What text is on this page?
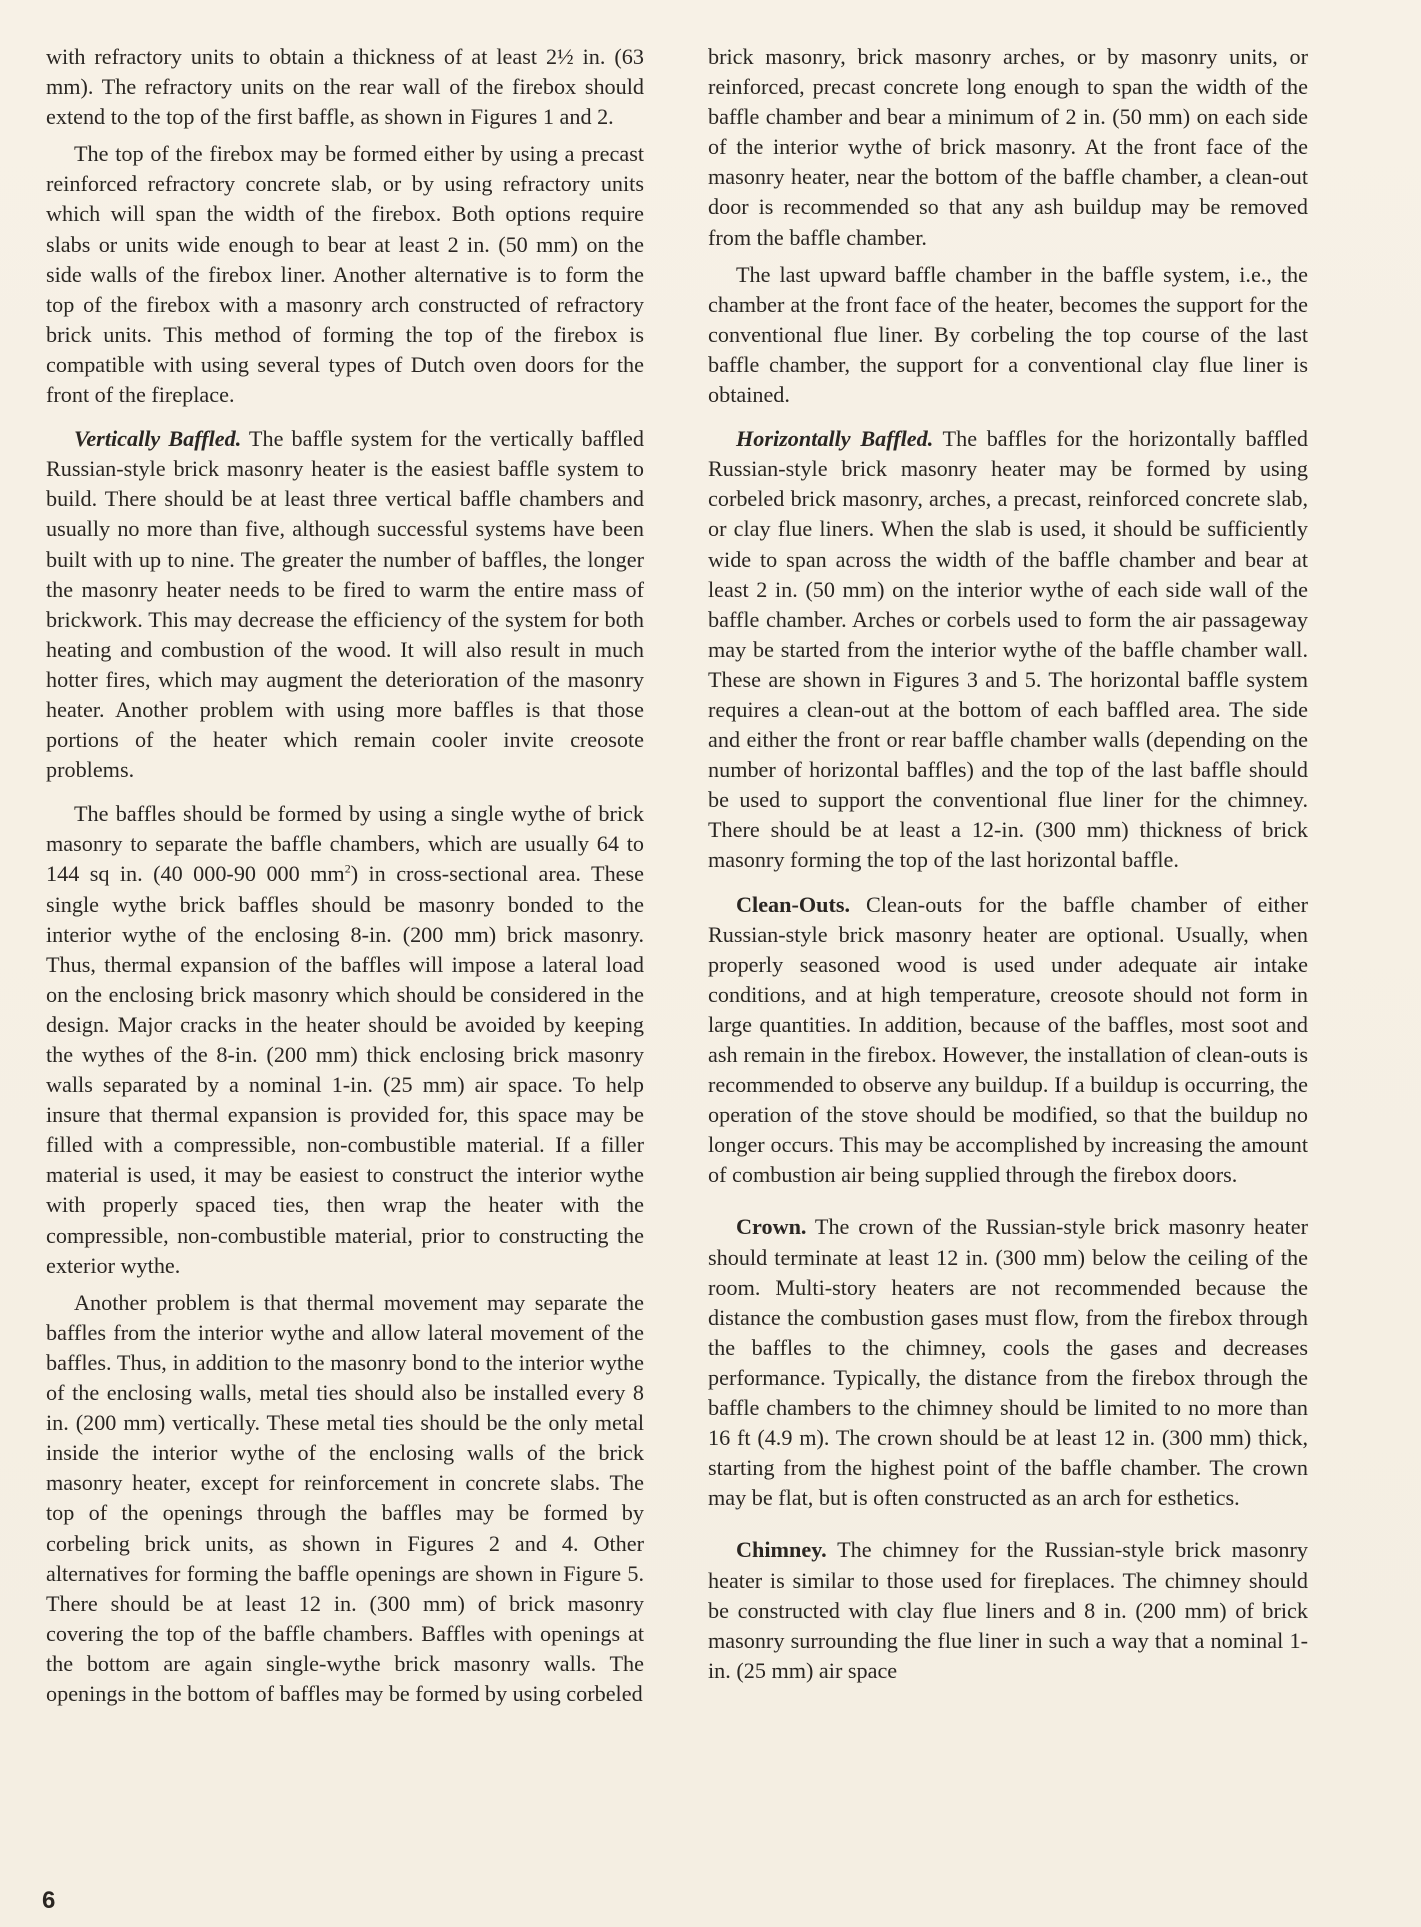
with refractory units to obtain a thickness of at least 2½ in. (63 mm). The refractory units on the rear wall of the firebox should extend to the top of the first baffle, as shown in Figures 1 and 2.

The top of the firebox may be formed either by using a precast reinforced refractory concrete slab, or by using refractory units which will span the width of the firebox. Both options require slabs or units wide enough to bear at least 2 in. (50 mm) on the side walls of the firebox liner. Another alternative is to form the top of the firebox with a masonry arch constructed of refractory brick units. This method of forming the top of the firebox is compatible with using several types of Dutch oven doors for the front of the fireplace.

Vertically Baffled. The baffle system for the vertically baffled Russian-style brick masonry heater is the easiest baffle system to build. There should be at least three vertical baffle chambers and usually no more than five, although successful systems have been built with up to nine. The greater the number of baffles, the longer the masonry heater needs to be fired to warm the entire mass of brickwork. This may decrease the efficiency of the system for both heating and combustion of the wood. It will also result in much hotter fires, which may augment the deterioration of the masonry heater. Another problem with using more baffles is that those portions of the heater which remain cooler invite creosote problems.

The baffles should be formed by using a single wythe of brick masonry to separate the baffle chambers, which are usually 64 to 144 sq in. (40 000-90 000 $mm^2$) in cross-sectional area. These single wythe brick baffles should be masonry bonded to the interior wythe of the enclosing 8-in. (200 mm) brick masonry. Thus, thermal expansion of the baffles will impose a lateral load on the enclosing brick masonry which should be considered in the design. Major cracks in the heater should be avoided by keeping the wythes of the 8-in. (200 mm) thick enclosing brick masonry walls separated by a nominal 1-in. (25 mm) air space. To help insure that thermal expansion is provided for, this space may be filled with a compressible, non-combustible material. If a filler material is used, it may be easiest to construct the interior wythe with properly spaced ties, then wrap the heater with the compressible, non-combustible material, prior to constructing the exterior wythe.

Another problem is that thermal movement may separate the baffles from the interior wythe and allow lateral movement of the baffles. Thus, in addition to the masonry bond to the interior wythe of the enclosing walls, metal ties should also be installed every 8 in. (200 mm) vertically. These metal ties should be the only metal inside the interior wythe of the enclosing walls of the brick masonry heater, except for reinforcement in concrete slabs. The top of the openings through the baffles may be formed by corbeling brick units, as shown in Figures 2 and 4. Other alternatives for forming the baffle openings are shown in Figure 5. There should be at least 12 in. (300 mm) of brick masonry covering the top of the baffle chambers. Baffles with openings at the bottom are again single-wythe brick masonry walls. The openings in the bottom of baffles may be formed by using corbeled

brick masonry, brick masonry arches, or by masonry units, or reinforced, precast concrete long enough to span the width of the baffle chamber and bear a minimum of 2 in. (50 mm) on each side of the interior wythe of brick masonry. At the front face of the masonry heater, near the bottom of the baffle chamber, a clean-out door is recommended so that any ash buildup may be removed from the baffle chamber.

The last upward baffle chamber in the baffle system, i.e., the chamber at the front face of the heater, becomes the support for the conventional flue liner. By corbeling the top course of the last baffle chamber, the support for a conventional clay flue liner is obtained.

Horizontally Baffled. The baffles for the horizontally baffled Russian-style brick masonry heater may be formed by using corbeled brick masonry, arches, a precast, reinforced concrete slab, or clay flue liners. When the slab is used, it should be sufficiently wide to span across the width of the baffle chamber and bear at least 2 in. (50 mm) on the interior wythe of each side wall of the baffle chamber. Arches or corbels used to form the air passageway may be started from the interior wythe of the baffle chamber wall. These are shown in Figures 3 and 5. The horizontal baffle system requires a clean-out at the bottom of each baffled area. The side and either the front or rear baffle chamber walls (depending on the number of horizontal baffles) and the top of the last baffle should be used to support the conventional flue liner for the chimney. There should be at least a 12-in. (300 mm) thickness of brick masonry forming the top of the last horizontal baffle.

Clean-Outs. Clean-outs for the baffle chamber of either Russian-style brick masonry heater are optional. Usually, when properly seasoned wood is used under adequate air intake conditions, and at high temperature, creosote should not form in large quantities. In addition, because of the baffles, most soot and ash remain in the firebox. However, the installation of clean-outs is recommended to observe any buildup. If a buildup is occurring, the operation of the stove should be modified, so that the buildup no longer occurs. This may be accomplished by increasing the amount of combustion air being supplied through the firebox doors.

Crown. The crown of the Russian-style brick masonry heater should terminate at least 12 in. (300 mm) below the ceiling of the room. Multi-story heaters are not recommended because the distance the combustion gases must flow, from the firebox through the baffles to the chimney, cools the gases and decreases performance. Typically, the distance from the firebox through the baffle chambers to the chimney should be limited to no more than 16 ft (4.9 m). The crown should be at least 12 in. (300 mm) thick, starting from the highest point of the baffle chamber. The crown may be flat, but is often constructed as an arch for esthetics.

Chimney. The chimney for the Russian-style brick masonry heater is similar to those used for fireplaces. The chimney should be constructed with clay flue liners and 8 in. (200 mm) of brick masonry surrounding the flue liner in such a way that a nominal 1-in. (25 mm) air space

6
